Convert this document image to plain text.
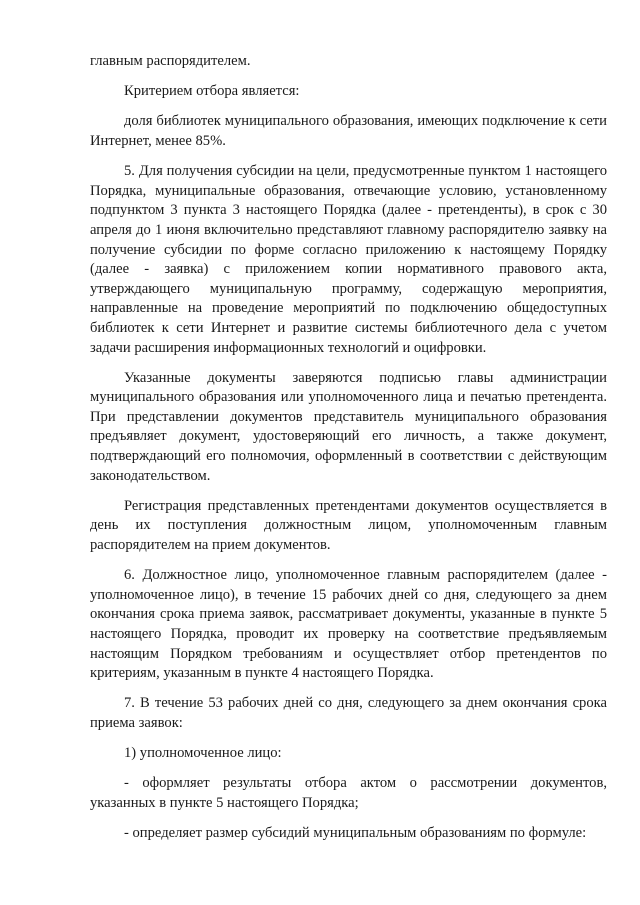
главным распорядителем.

Критерием отбора является:

доля библиотек муниципального образования, имеющих подключение к сети Интернет, менее 85%.

5. Для получения субсидии на цели, предусмотренные пунктом 1 настоящего Порядка, муниципальные образования, отвечающие условию, установленному подпунктом 3 пункта 3 настоящего Порядка (далее - претенденты), в срок с 30 апреля до 1 июня включительно представляют главному распорядителю заявку на получение субсидии по форме согласно приложению к настоящему Порядку (далее - заявка) с приложением копии нормативного правового акта, утверждающего муниципальную программу, содержащую мероприятия, направленные на проведение мероприятий по подключению общедоступных библиотек к сети Интернет и развитие системы библиотечного дела с учетом задачи расширения информационных технологий и оцифровки.

Указанные документы заверяются подписью главы администрации муниципального образования или уполномоченного лица и печатью претендента. При представлении документов представитель муниципального образования предъявляет документ, удостоверяющий его личность, а также документ, подтверждающий его полномочия, оформленный в соответствии с действующим законодательством.

Регистрация представленных претендентами документов осуществляется в день их поступления должностным лицом, уполномоченным главным распорядителем на прием документов.

6. Должностное лицо, уполномоченное главным распорядителем (далее - уполномоченное лицо), в течение 15 рабочих дней со дня, следующего за днем окончания срока приема заявок, рассматривает документы, указанные в пункте 5 настоящего Порядка, проводит их проверку на соответствие предъявляемым настоящим Порядком требованиям и осуществляет отбор претендентов по критериям, указанным в пункте 4 настоящего Порядка.

7. В течение 53 рабочих дней со дня, следующего за днем окончания срока приема заявок:

1) уполномоченное лицо:

- оформляет результаты отбора актом о рассмотрении документов, указанных в пункте 5 настоящего Порядка;

- определяет размер субсидий муниципальным образованиям по формуле:
